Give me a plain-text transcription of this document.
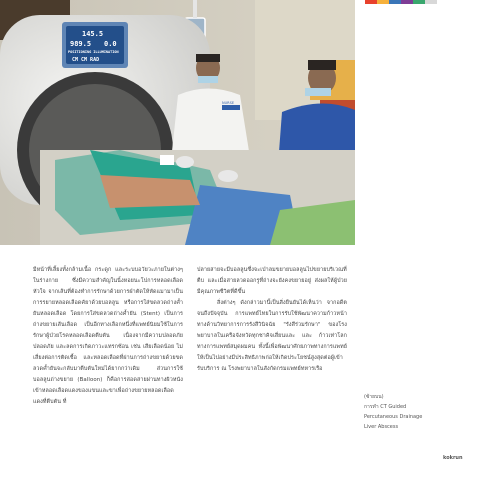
145.5
989.5 0.0
POSITIONING ILLUMINATION
CM CM RAD
NURSE

มีหน้าที่เลี้ยงทั้งกล้ามเนื้อ กระดูก และระบบอวัยวะภายในต่างๆ ในร่างกาย ซึ่งมีความสำคัญในนิ้งหอยนะโปการหลอดเลือดหัวใจ จากเส้นที่ต้องทำการรักษาด้วยการฝ่าตัดให้หัดแมามาเป็นการรยายหลอดเลือดคัยาด้วยบอลลูน หรือการใส่ขดลวดถ่างค้ำยันหลอดเลือด โดยการใส่ขดลวดถ่างค้ำยัน (Stent) เป็นการถ่างขยายเส้นเลือด เป็นอีกทางเลือกหนึ่งที่แพทย์นิยมใช้ในการรักษาผู้ป่วยโรคหลอดเลือดตีบตัน เนื่องจากมีความปลอดภัย ปลอดภัย และลดการเกิดภาวะแทรกซ้อน เช่น เสียเลือดน้อย ไม่เสี่ยงต่อการติดเชื้อ และหลอดเลือดที่ผ่านการถ่างขยายด้วยขดลวดค้ำยันจะกลับมาตีบตันใหม่ได้ยากกว่าเดิม ส่วนการใช้บอลลูนถ่างขยาย (Balloon) ก็คือการสอดสายผ่านทางผิวหนังเข้าหลอดเลือดแดงของแขนและขาเพื่อถ่างขยายหลอดเลือดแดงที่ตีบตัน ที่

ปลายสายจะมีบอลลูนซึ่งจะเป่าลมขยายบอลลูนไปขยายบริเวณที่ตีบ และเมื่อสายลวดออกรูที่ถ่างจะยังคงขยายอยู่ ส่งผลให้ผู้ป่วยมีคุณภาพชีวิตที่ดีขึ้น

สิ่งต่างๆ ดังกล่าวมานี้เป็นสิ่งยืนยันได้เห็นว่า จากอดีตจนถึงปัจจุบัน การแพทย์ไทยในการรับใช้พัฒนาความก้าวหน้าทางด้านวิทยาการการรังสีวินิจฉัย "รังสีร่วมรักษา" ของโรงพยาบาลในเครือจังหวัดทุกชาคิจเสี่ยนและ และ ก้าวเท่าโลกทางการแพทย์สมุดผมคน ทั้งนี้เพื่อพัฒนาศักยภาพทางการแพทย์ให้เป็นไปอย่างมีประสิทธิภาพก่อให้เกิดประโยชน์สูงสุดต่อผู้เข้ารับบริการ ณ โรงพยาบาลในสังกัดกรมแพทย์ทหารเรือ

(ซ้ายบน)
การทำ CT Guided
Percutaneous Drainage
Liver Abscess
kokrun
